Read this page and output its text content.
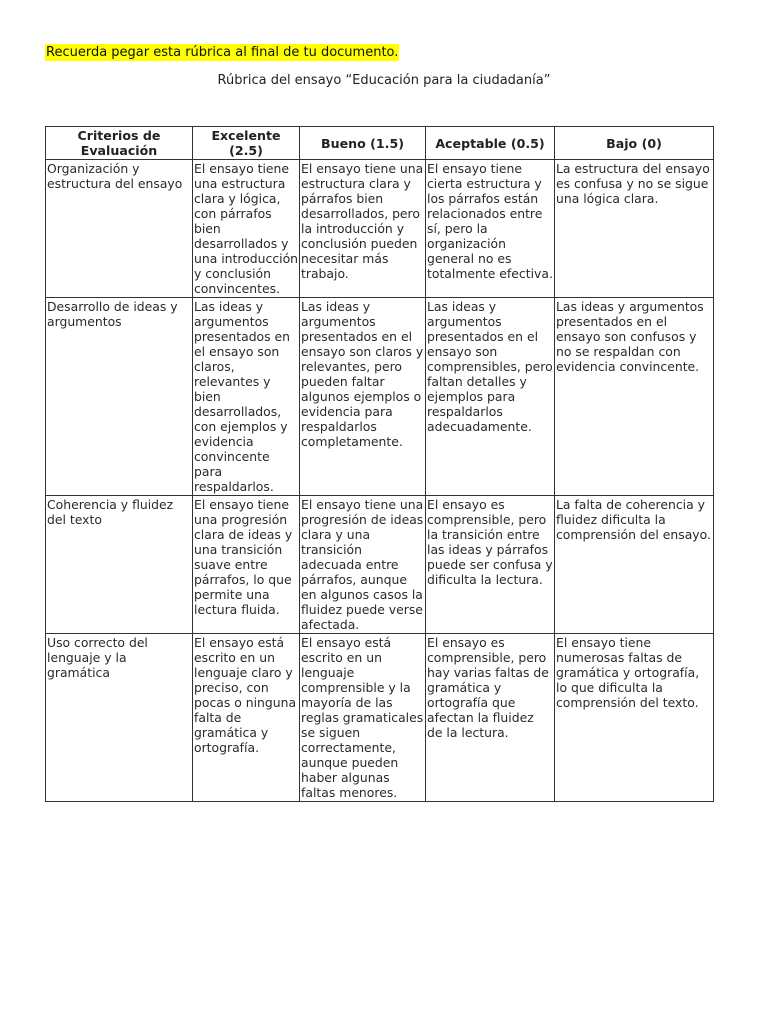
Recuerda pegar esta rúbrica al final de tu documento.
Rúbrica del ensayo “Educación para la ciudadanía”
Criterios de Evaluación	Excelente (2.5)	Bueno (1.5)	Aceptable (0.5)	Bajo (0)
Organización y estructura del ensayo	El ensayo tiene una estructura clara y lógica, con párrafos bien desarrollados y una introducción y conclusión convincentes.	El ensayo tiene una estructura clara y párrafos bien desarrollados, pero la introducción y conclusión pueden necesitar más trabajo.	El ensayo tiene cierta estructura y los párrafos están relacionados entre sí, pero la organización general no es totalmente efectiva.	La estructura del ensayo es confusa y no se sigue una lógica clara.
Desarrollo de ideas y argumentos	Las ideas y argumentos presentados en el ensayo son claros, relevantes y bien desarrollados, con ejemplos y evidencia convincente para respaldarlos.	Las ideas y argumentos presentados en el ensayo son claros y relevantes, pero pueden faltar algunos ejemplos o evidencia para respaldarlos completamente.	Las ideas y argumentos presentados en el ensayo son comprensibles, pero faltan detalles y ejemplos para respaldarlos adecuadamente.	Las ideas y argumentos presentados en el ensayo son confusos y no se respaldan con evidencia convincente.
Coherencia y fluidez del texto	El ensayo tiene una progresión clara de ideas y una transición suave entre párrafos, lo que permite una lectura fluida.	El ensayo tiene una progresión de ideas clara y una transición adecuada entre párrafos, aunque en algunos casos la fluidez puede verse afectada.	El ensayo es comprensible, pero la transición entre las ideas y párrafos puede ser confusa y dificulta la lectura.	La falta de coherencia y fluidez dificulta la comprensión del ensayo.
Uso correcto del lenguaje y la gramática	El ensayo está escrito en un lenguaje claro y preciso, con pocas o ninguna falta de gramática y ortografía.	El ensayo está escrito en un lenguaje comprensible y la mayoría de las reglas gramaticales se siguen correctamente, aunque pueden haber algunas faltas menores.	El ensayo es comprensible, pero hay varias faltas de gramática y ortografía que afectan la fluidez de la lectura.	El ensayo tiene numerosas faltas de gramática y ortografía, lo que dificulta la comprensión del texto.
